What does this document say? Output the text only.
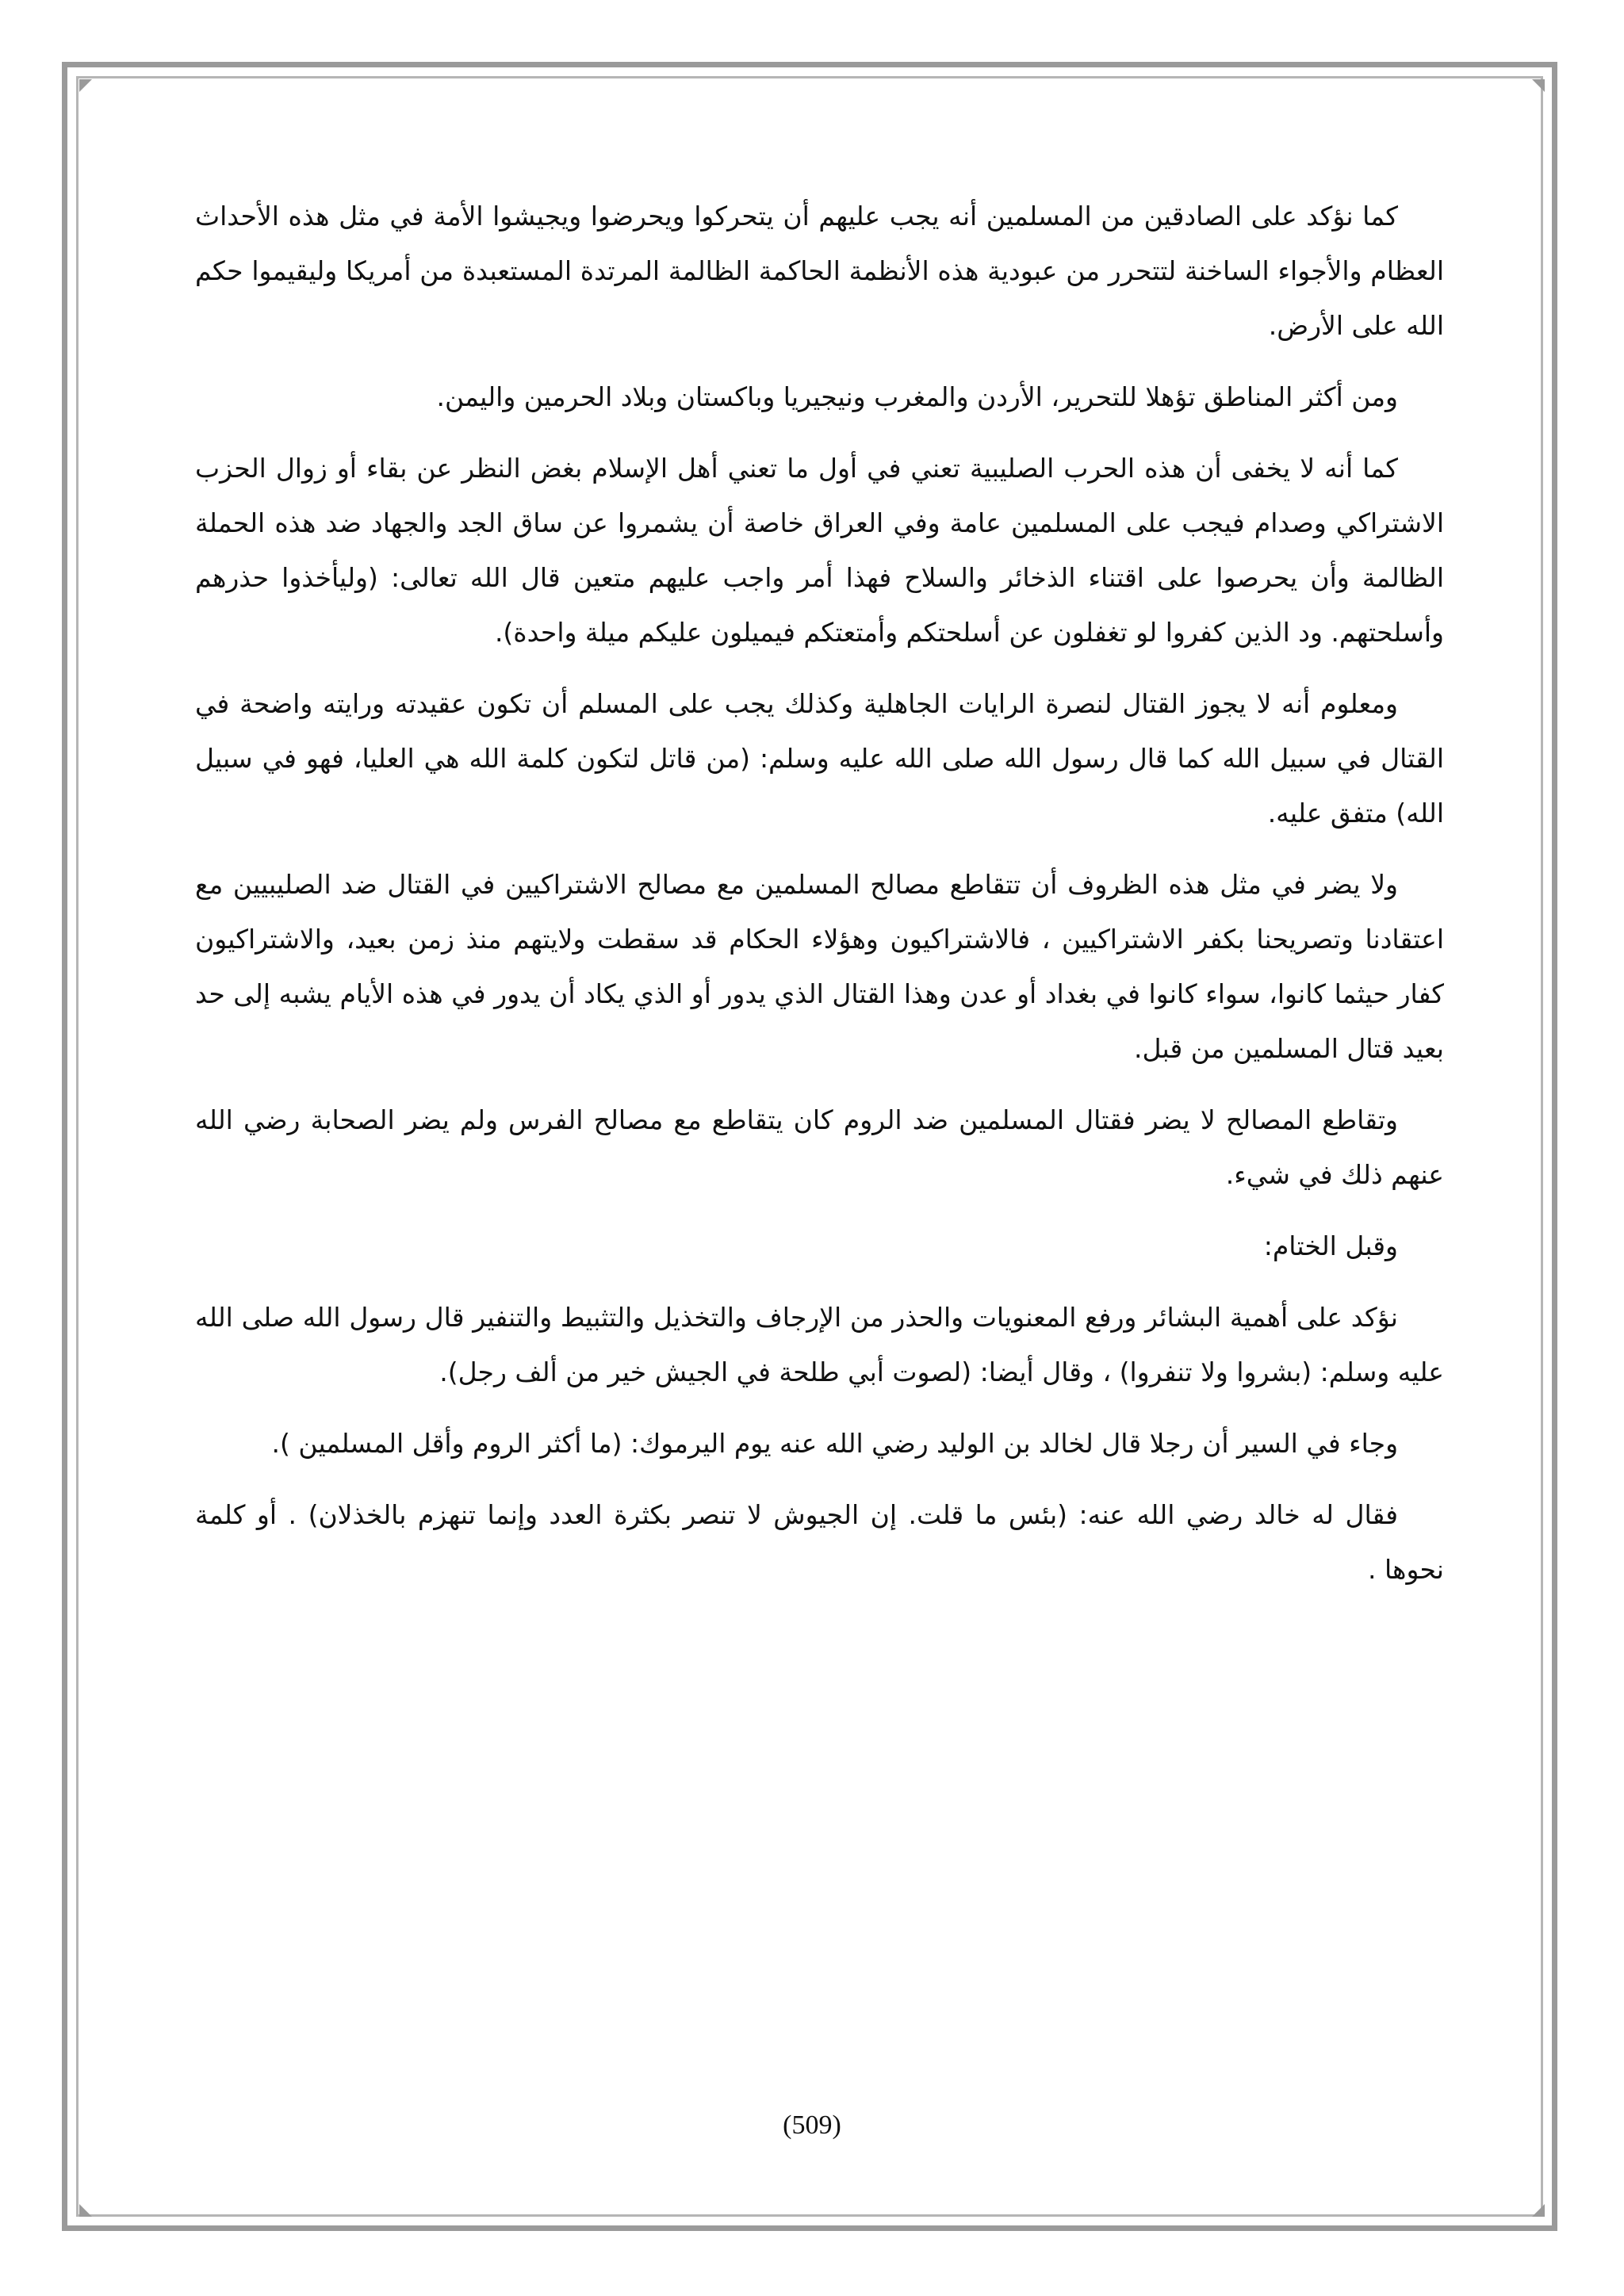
كما نؤكد على الصادقين من المسلمين أنه يجب عليهم أن يتحركوا ويحرضوا ويجيشوا الأمة في مثل هذه الأحداث العظام والأجواء الساخنة لتتحرر من عبودية هذه الأنظمة الحاكمة الظالمة المرتدة المستعبدة من أمريكا وليقيموا حكم الله على الأرض.

ومن أكثر المناطق تؤهلا للتحرير، الأردن والمغرب ونيجيريا وباكستان وبلاد الحرمين واليمن.

كما أنه لا يخفى أن هذه الحرب الصليبية تعني في أول ما تعني أهل الإسلام بغض النظر عن بقاء أو زوال الحزب الاشتراكي وصدام فيجب على المسلمين عامة وفي العراق خاصة أن يشمروا عن ساق الجد والجهاد ضد هذه الحملة الظالمة وأن يحرصوا على اقتناء الذخائر والسلاح فهذا أمر واجب عليهم متعين قال الله تعالى: (وليأخذوا حذرهم وأسلحتهم. ود الذين كفروا لو تغفلون عن أسلحتكم وأمتعتكم فيميلون عليكم ميلة واحدة).

ومعلوم أنه لا يجوز القتال لنصرة الرايات الجاهلية وكذلك يجب على المسلم أن تكون عقيدته ورايته واضحة في القتال في سبيل الله كما قال رسول الله صلى الله عليه وسلم: (من قاتل لتكون كلمة الله هي العليا، فهو في سبيل الله) متفق عليه.

ولا يضر في مثل هذه الظروف أن تتقاطع مصالح المسلمين مع مصالح الاشتراكيين في القتال ضد الصليبيين مع اعتقادنا وتصريحنا بكفر الاشتراكيين ، فالاشتراكيون وهؤلاء الحكام قد سقطت ولايتهم منذ زمن بعيد، والاشتراكيون كفار حيثما كانوا، سواء كانوا في بغداد أو عدن وهذا القتال الذي يدور أو الذي يكاد أن يدور في هذه الأيام يشبه إلى حد بعيد قتال المسلمين من قبل.

وتقاطع المصالح لا يضر فقتال المسلمين ضد الروم كان يتقاطع مع مصالح الفرس ولم يضر الصحابة رضي الله عنهم ذلك في شيء.

وقبل الختام:

نؤكد على أهمية البشائر ورفع المعنويات والحذر من الإرجاف والتخذيل والتثبيط والتنفير قال رسول الله صلى الله عليه وسلم: (بشروا ولا تنفروا) ، وقال أيضا: (لصوت أبي طلحة في الجيش خير من ألف رجل).

وجاء في السير أن رجلا قال لخالد بن الوليد رضي الله عنه يوم اليرموك: (ما أكثر الروم وأقل المسلمين ).

فقال له خالد رضي الله عنه: (بئس ما قلت. إن الجيوش لا تنصر بكثرة العدد وإنما تنهزم بالخذلان) . أو كلمة نحوها .

(509)
